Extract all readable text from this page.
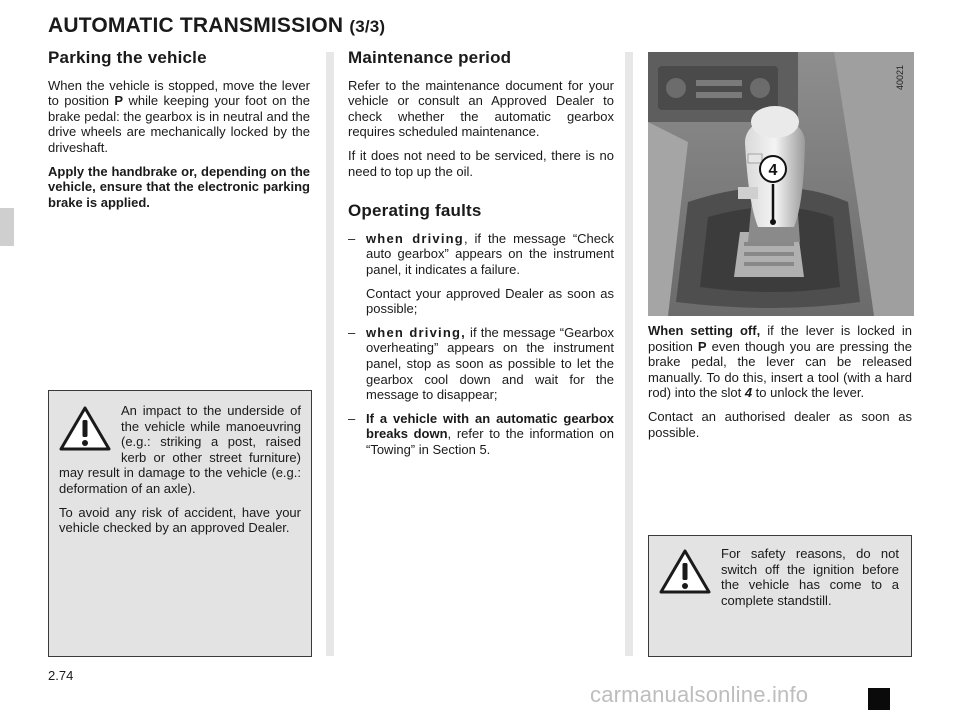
AUTOMATIC TRANSMISSION (3/3)
Parking the vehicle

When the vehicle is stopped, move the lever to position P while keeping your foot on the brake pedal: the gearbox is in neutral and the drive wheels are mechanically locked by the driveshaft.

Apply the handbrake or, depending on the vehicle, ensure that the electronic parking brake is applied.

An impact to the underside of the vehicle while manoeuvring (e.g.: striking a post, raised kerb or other street furniture) may result in damage to the vehicle (e.g.: deformation of an axle).

To avoid any risk of accident, have your vehicle checked by an approved Dealer.

Maintenance period

Refer to the maintenance document for your vehicle or consult an Approved Dealer to check whether the automatic gearbox requires scheduled maintenance.

If it does not need to be serviced, there is no need to top up the oil.

Operating faults
– when driving, if the message “Check auto gearbox” appears on the instrument panel, it indicates a failure.

Contact your approved Dealer as soon as possible;

– when driving, if the message “Gearbox overheating” appears on the instrument panel, stop as soon as possible to let the gearbox cool down and wait for the message to disappear;
– If a vehicle with an automatic gearbox breaks down, refer to the information on “Towing” in Section 5.
4
40021

When setting off, if the lever is locked in position P even though you are pressing the brake pedal, the lever can be released manually. To do this, insert a tool (with a hard rod) into the slot 4 to unlock the lever.

Contact an authorised dealer as soon as possible.

For safety reasons, do not switch off the ignition before the vehicle has come to a complete standstill.

2.74
carmanualsonline.info
